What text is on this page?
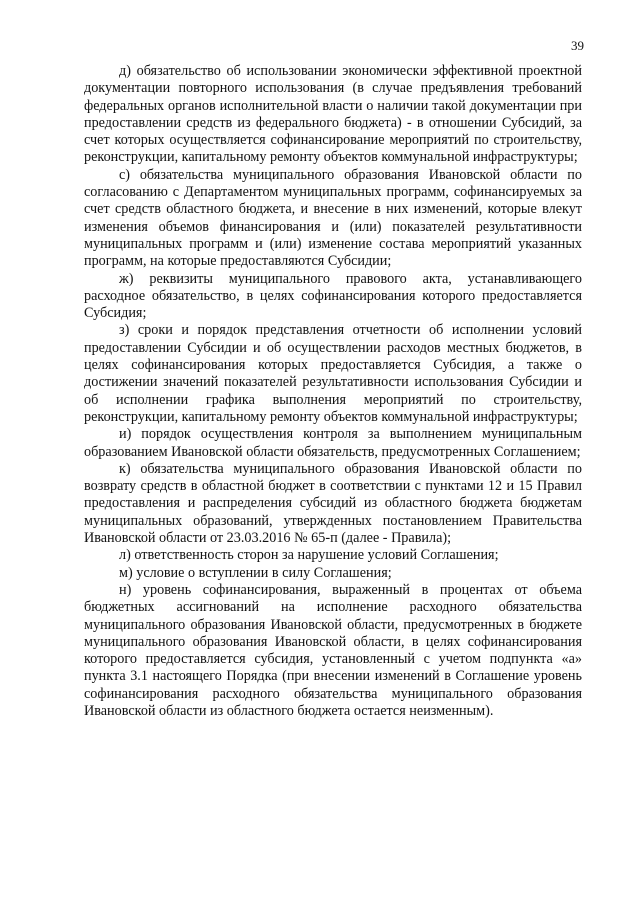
39

д) обязательство об использовании экономически эффективной проектной документации повторного использования (в случае предъявления требований федеральных органов исполнительной власти о наличии такой документации при предоставлении средств из федерального бюджета) - в отношении Субсидий, за счет которых осуществляется софинансирование мероприятий по строительству, реконструкции, капитальному ремонту объектов коммунальной инфраструктуры;

с) обязательства муниципального образования Ивановской области по согласованию с Департаментом муниципальных программ, софинансируемых за счет средств областного бюджета, и внесение в них изменений, которые влекут изменения объемов финансирования и (или) показателей результативности муниципальных программ и (или) изменение состава мероприятий указанных программ, на которые предоставляются Субсидии;

ж) реквизиты муниципального правового акта, устанавливающего расходное обязательство, в целях софинансирования которого предоставляется Субсидия;

з) сроки и порядок представления отчетности об исполнении условий предоставлении Субсидии и об осуществлении расходов местных бюджетов, в целях софинансирования которых предоставляется Субсидия, а также о достижении значений показателей результативности использования Субсидии и об исполнении графика выполнения мероприятий по строительству, реконструкции, капитальному ремонту объектов коммунальной инфраструктуры;

и) порядок осуществления контроля за выполнением муниципальным образованием Ивановской области обязательств, предусмотренных Соглашением;

к) обязательства муниципального образования Ивановской области по возврату средств в областной бюджет в соответствии с пунктами 12 и 15 Правил предоставления и распределения субсидий из областного бюджета бюджетам муниципальных образований, утвержденных постановлением Правительства Ивановской области от 23.03.2016 № 65-п (далее - Правила);

л) ответственность сторон за нарушение условий Соглашения;

м) условие о вступлении в силу Соглашения;

н) уровень софинансирования, выраженный в процентах от объема бюджетных ассигнований на исполнение расходного обязательства муниципального образования Ивановской области, предусмотренных в бюджете муниципального образования Ивановской области, в целях софинансирования которого предоставляется субсидия, установленный с учетом подпункта «а» пункта 3.1 настоящего Порядка (при внесении изменений в Соглашение уровень софинансирования расходного обязательства муниципального образования Ивановской области из областного бюджета остается неизменным).
